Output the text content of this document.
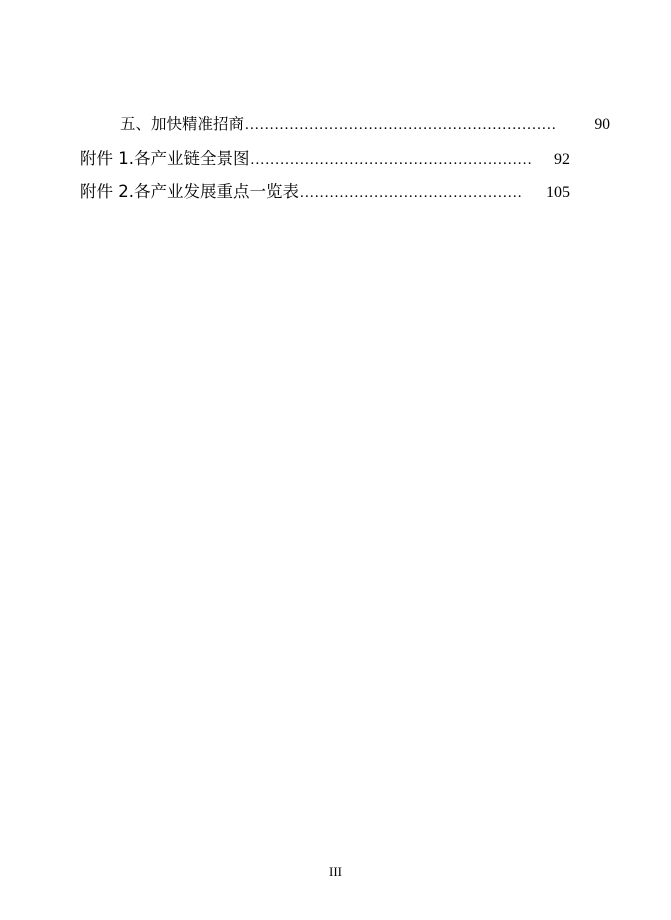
五、加快精准招商 ...............................................................	90
附件 1.各产业链全景图 .........................................................	92
附件 2.各产业发展重点一览表 .............................................	105
III
